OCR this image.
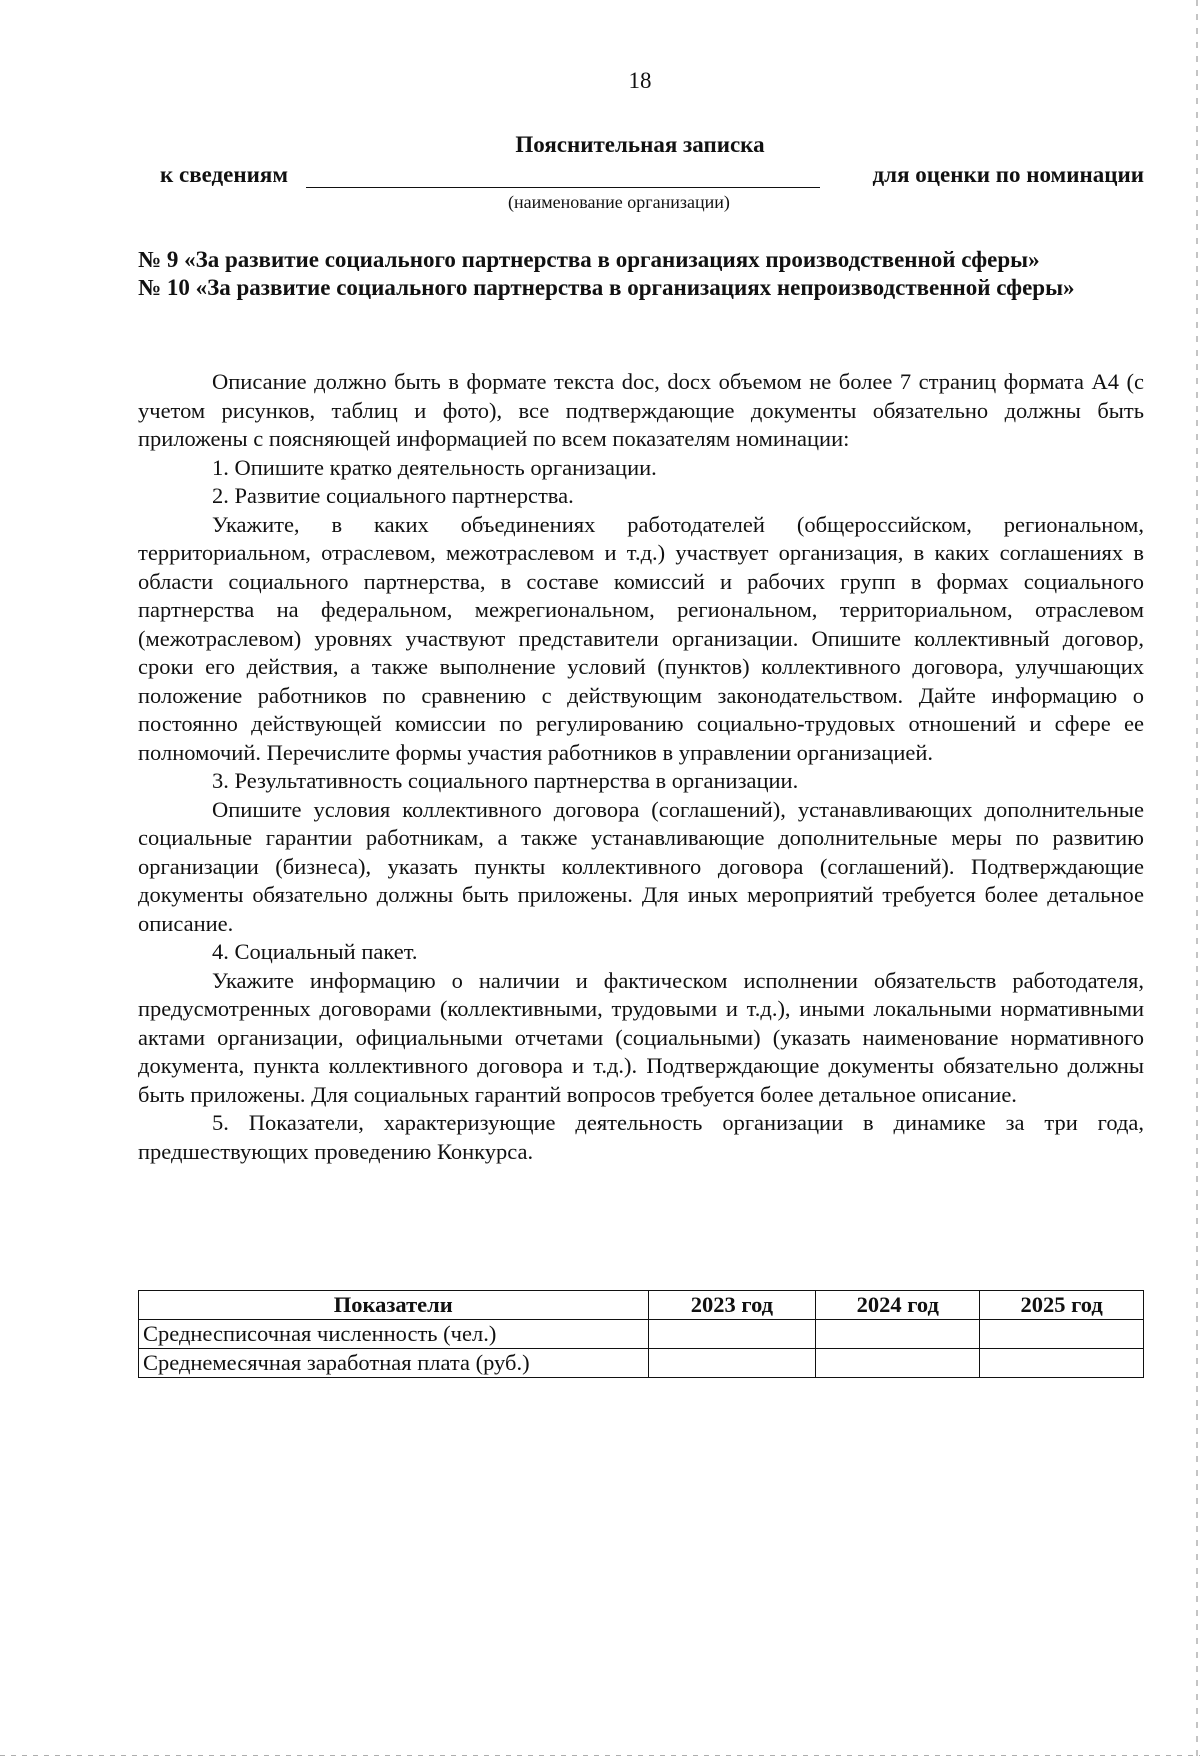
18
Пояснительная записка
к сведениям	для оценки по номинации
(наименование организации)
№ 9 «За развитие социального партнерства в организациях производственной сферы»
№ 10 «За развитие социального партнерства в организациях непроизводственной сферы»

Описание должно быть в формате текста doc, docx объемом не более 7 страниц формата А4 (с учетом рисунков, таблиц и фото), все подтверждающие документы обязательно должны быть приложены с поясняющей информацией по всем показателям номинации:

1. Опишите кратко деятельность организации.

2. Развитие социального партнерства.

Укажите, в каких объединениях работодателей (общероссийском, региональном, территориальном, отраслевом, межотраслевом и т.д.) участвует организация, в каких соглашениях в области социального партнерства, в составе комиссий и рабочих групп в формах социального партнерства на федеральном, межрегиональном, региональном, территориальном, отраслевом (межотраслевом) уровнях участвуют представители организации. Опишите коллективный договор, сроки его действия, а также выполнение условий (пунктов) коллективного договора, улучшающих положение работников по сравнению с действующим законодательством. Дайте информацию о постоянно действующей комиссии по регулированию социально-трудовых отношений и сфере ее полномочий. Перечислите формы участия работников в управлении организацией.

3. Результативность социального партнерства в организации.

Опишите условия коллективного договора (соглашений), устанавливающих дополнительные социальные гарантии работникам, а также устанавливающие дополнительные меры по развитию организации (бизнеса), указать пункты коллективного договора (соглашений). Подтверждающие документы обязательно должны быть приложены. Для иных мероприятий требуется более детальное описание.

4. Социальный пакет.

Укажите информацию о наличии и фактическом исполнении обязательств работодателя, предусмотренных договорами (коллективными, трудовыми и т.д.), иными локальными нормативными актами организации, официальными отчетами (социальными) (указать наименование нормативного документа, пункта коллективного договора и т.д.). Подтверждающие документы обязательно должны быть приложены. Для социальных гарантий вопросов требуется более детальное описание.

5. Показатели, характеризующие деятельность организации в динамике за три года, предшествующих проведению Конкурса.

Показатели	2023 год	2024 год	2025 год
Среднесписочная численность (чел.)			
Среднемесячная заработная плата (руб.)			
